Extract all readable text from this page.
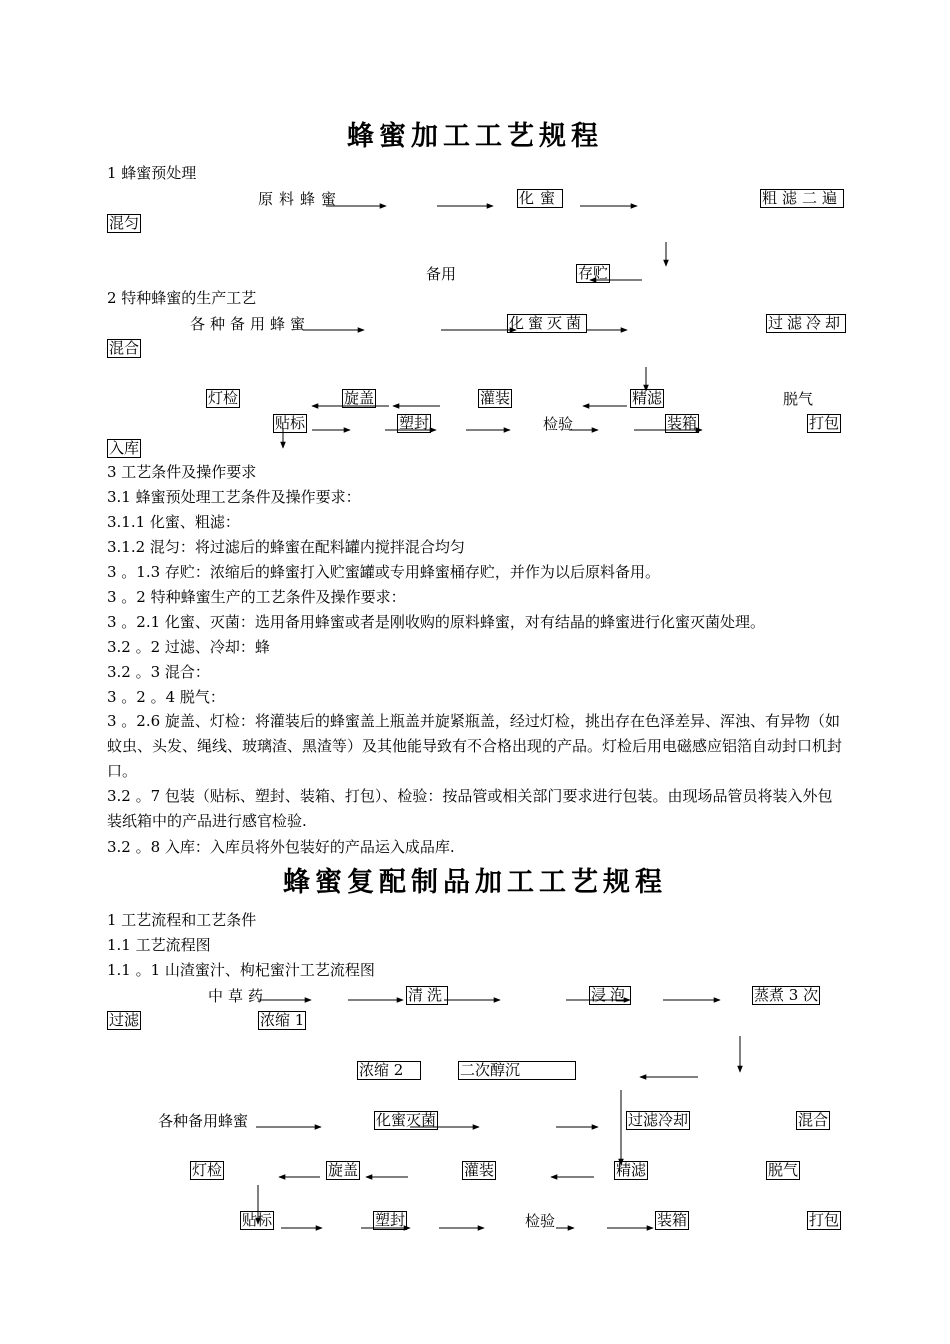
蜂蜜加工工艺规程
1 蜂蜜预处理
原料蜂蜜	化蜜	粗滤二遍
混匀
备用	存贮
2 特种蜂蜜的生产工艺
各种备用蜂蜜	化蜜灭菌	过滤冷却
混合
灯检	旋盖	灌装	精滤	脱气
贴标	塑封	检验	装箱	打包
入库
3 工艺条件及操作要求
3.1 蜂蜜预处理工艺条件及操作要求：
3.1.1 化蜜、粗滤：
3.1.2 混匀：将过滤后的蜂蜜在配料罐内搅拌混合均匀
3 。1.3 存贮：浓缩后的蜂蜜打入贮蜜罐或专用蜂蜜桶存贮，并作为以后原料备用。
3 。2 特种蜂蜜生产的工艺条件及操作要求：
3 。2.1 化蜜、灭菌：选用备用蜂蜜或者是刚收购的原料蜂蜜，对有结晶的蜂蜜进行化蜜灭菌处理。
3.2 。2 过滤、冷却：蜂
3.2 。3 混合：
3 。2 。4 脱气：
3 。2.6 旋盖、灯检：将灌装后的蜂蜜盖上瓶盖并旋紧瓶盖，经过灯检，挑出存在色泽差异、浑浊、有异物（如蚊虫、头发、绳线、玻璃渣、黑渣等）及其他能导致有不合格出现的产品。灯检后用电磁感应铝箔自动封口机封口。
3.2 。7 包装（贴标、塑封、装箱、打包）、检验：按品管或相关部门要求进行包装。由现场品管员将装入外包装纸箱中的产品进行感官检验.
3.2 。8 入库：入库员将外包装好的产品运入成品库.
蜂蜜复配制品加工工艺规程
1 工艺流程和工艺条件
1.1 工艺流程图
1.1 。1 山渣蜜汁、枸杞蜜汁工艺流程图
中草药	清洗	浸泡	蒸煮 3 次
过滤	浓缩 1
浓缩 2	二次醇沉
各种备用蜂蜜	化蜜灭菌	过滤冷却	混合
灯检	旋盖	灌装	精滤	脱气
贴标	塑封	检验	装箱	打包
